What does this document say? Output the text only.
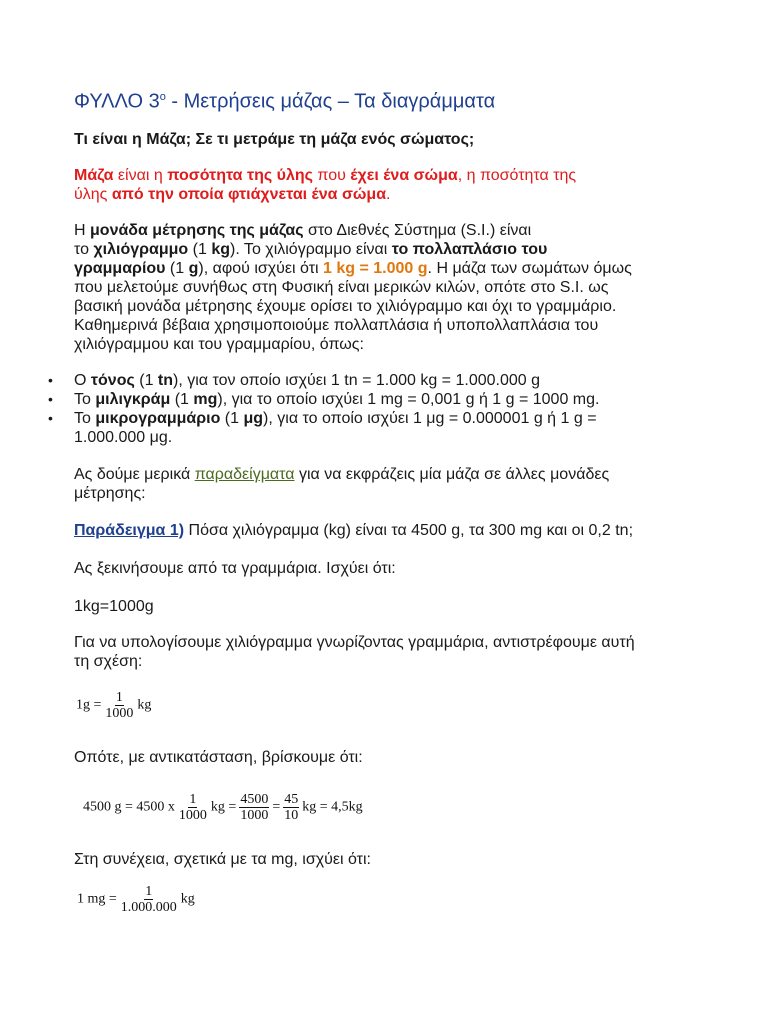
ΦΥΛΛΟ $3^o$ - Μετρήσεις μάζας – Τα διαγράμματα
Τι είναι η Μάζα; Σε τι μετράμε τη μάζα ενός σώματος;
Μάζα είναι η ποσότητα της ύλης που έχει ένα σώμα, η ποσότητα της
ύλης από την οποία φτιάχνεται ένα σώμα.
Η μονάδα μέτρησης της μάζας στο Διεθνές Σύστημα (S.I.) είναι
το χιλιόγραμμο (1 kg). Το χιλιόγραμμο είναι το πολλαπλάσιο του
γραμμαρίου (1 g), αφού ισχύει ότι 1 kg = 1.000 g. Η μάζα των σωμάτων όμως
που μελετούμε συνήθως στη Φυσική είναι μερικών κιλών, οπότε στο S.I. ως
βασική μονάδα μέτρησης έχουμε ορίσει το χιλιόγραμμο και όχι το γραμμάριο.
Καθημερινά βέβαια χρησιμοποιούμε πολλαπλάσια ή υποπολλαπλάσια του
χιλιόγραμμου και του γραμμαρίου, όπως:
• Ο τόνος (1 tn), για τον οποίο ισχύει 1 tn = 1.000 kg = 1.000.000 g
• Το μιλιγκράμ (1 mg), για το οποίο ισχύει 1 mg = 0,001 g ή 1 g = 1000 mg.
• Το μικρογραμμάριο (1 μg), για το οποίο ισχύει 1 μg = 0.000001 g ή 1 g =
1.000.000 μg.
Ας δούμε μερικά παραδείγματα για να εκφράζεις μία μάζα σε άλλες μονάδες
μέτρησης:
Παράδειγμα 1) Πόσα χιλιόγραμμα (kg) είναι τα 4500 g, τα 300 mg και οι 0,2 tn;
Ας ξεκινήσουμε από τα γραμμάρια. Ισχύει ότι:
1kg=1000g
Για να υπολογίσουμε χιλιόγραμμα γνωρίζοντας γραμμάρια, αντιστρέφουμε αυτή
τη σχέση:
$1g = \frac{1}{1000}$ kg
Οπότε, με αντικατάσταση, βρίσκουμε ότι:
4500 g = 4500 x $\frac{1}{1000}$ kg = $\frac{4500}{1000} = \frac{45}{10}$ kg = 4,5kg
Στη συνέχεια, σχετικά με τα mg, ισχύει ότι:
1 mg = $\frac{1}{1.000.000}$ kg
